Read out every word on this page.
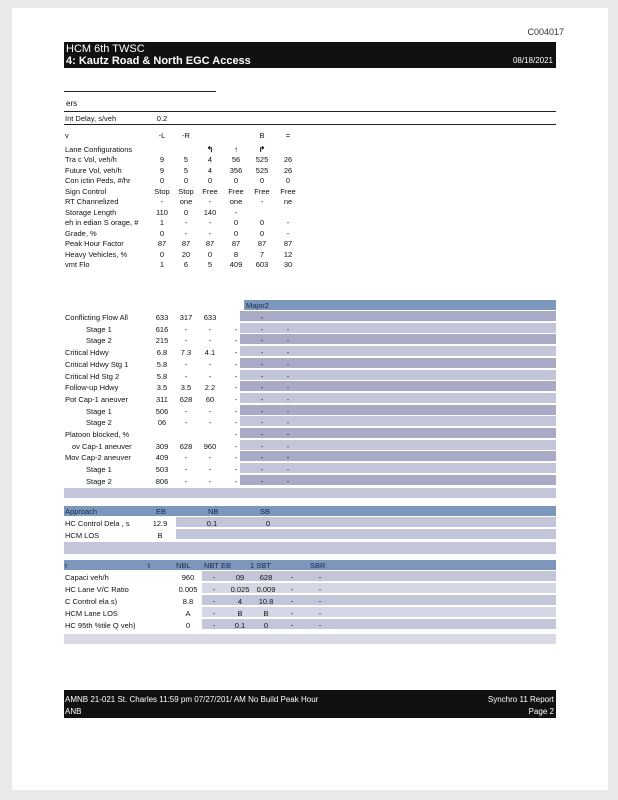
C004017
HCM 6th TWSC
4: Kautz Road & North EGC Access	08/18/2021
ers
Int Delay, s/veh	0.2
v	-L	-R	B	=
Lane Configurations	↰	↑	↱
Tra c Vol, veh/h	9	5	4	56	525	26
Future Vol, veh/h	9	5	4	356	525	26
Con ictin Peds, #/hr	0	0	0	0	0	0
Sign Control	Stop	Stop	Free	Free	Free	Free
RT Channelized	-	one	-	one	-	ne
Storage Length	110	0	140	-
eh in edian S orage, #	1	-	-	0	0	-
Grade, %	0	-	-	0	0	-
Peak Hour Factor	87	87	87	87	87	87
Heavy Vehicles, %	0	20	0	8	7	12
vmt Flo	1	6	5	409	603	30
Major2
Conflicting Flow All	633	317	633	-
Stage 1	616	-	-	-	-	-
Stage 2	215	-	-	-	-	-
Critical Hdwy	6.8	7.3	4.1	-	-	-
Critical Hdwy Stg 1	5.8	-	-	-	-	-
Critical Hd Stg 2	5.8	-	-	-	-	-
Follow-up Hdwy	3.5	3.5	2.2	-	-	-
Pot Cap-1 aneuver	311	628	60	-	-	-
Stage 1	506	-	-	-	-	-
Stage 2	06	-	-	-	-	-
Platoon blocked, %	-	-	-
ov Cap-1 aneuver	309	628	960	-	-	-
Mov Cap-2 aneuver	409	-	-	-	-	-
Stage 1	503	-	-	-	-	-
Stage 2	806	-	-	-	-	-
Approach	EB	NB	SB
HC Control Dela , s	12.9	0.1	0
HCM LOS	B
r	t	NBL NBT EB	1 SBT	SBR
Capaci veh/h	960	-	09	628	-	-
HC Lane V/C Ratio	0.005	-	0.025 0.009	-	-
C Control ela s)	8.8	-	4	10.8	-	-
HCM Lane LOS	A	-	B	B	-	-
HC 95th %tile Q veh)	0	-	0.1	0	-	-
AMNB 21-021 St. Charles 11:59 pm 07/27/201/ AM No Build Peak Hour
ANB
Synchro 11 Report
Page 2
